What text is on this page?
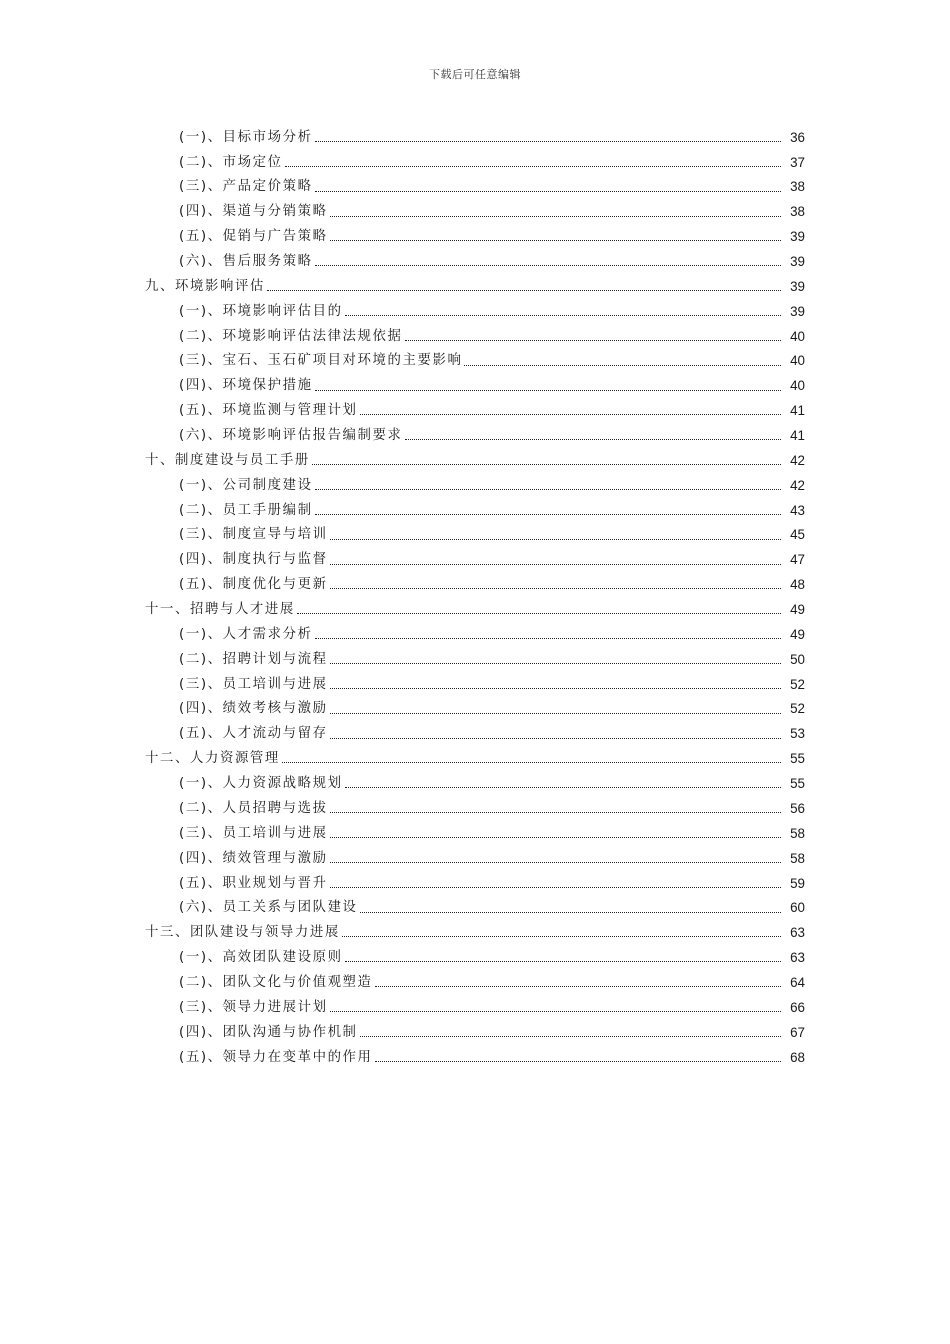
下载后可任意编辑
(一)、目标市场分析	36
(二)、市场定位	37
(三)、产品定价策略	38
(四)、渠道与分销策略	38
(五)、促销与广告策略	39
(六)、售后服务策略	39
九、环境影响评估	39
(一)、环境影响评估目的	39
(二)、环境影响评估法律法规依据	40
(三)、宝石、玉石矿项目对环境的主要影响	40
(四)、环境保护措施	40
(五)、环境监测与管理计划	41
(六)、环境影响评估报告编制要求	41
十、制度建设与员工手册	42
(一)、公司制度建设	42
(二)、员工手册编制	43
(三)、制度宣导与培训	45
(四)、制度执行与监督	47
(五)、制度优化与更新	48
十一、招聘与人才进展	49
(一)、人才需求分析	49
(二)、招聘计划与流程	50
(三)、员工培训与进展	52
(四)、绩效考核与激励	52
(五)、人才流动与留存	53
十二、人力资源管理	55
(一)、人力资源战略规划	55
(二)、人员招聘与选拔	56
(三)、员工培训与进展	58
(四)、绩效管理与激励	58
(五)、职业规划与晋升	59
(六)、员工关系与团队建设	60
十三、团队建设与领导力进展	63
(一)、高效团队建设原则	63
(二)、团队文化与价值观塑造	64
(三)、领导力进展计划	66
(四)、团队沟通与协作机制	67
(五)、领导力在变革中的作用	68
